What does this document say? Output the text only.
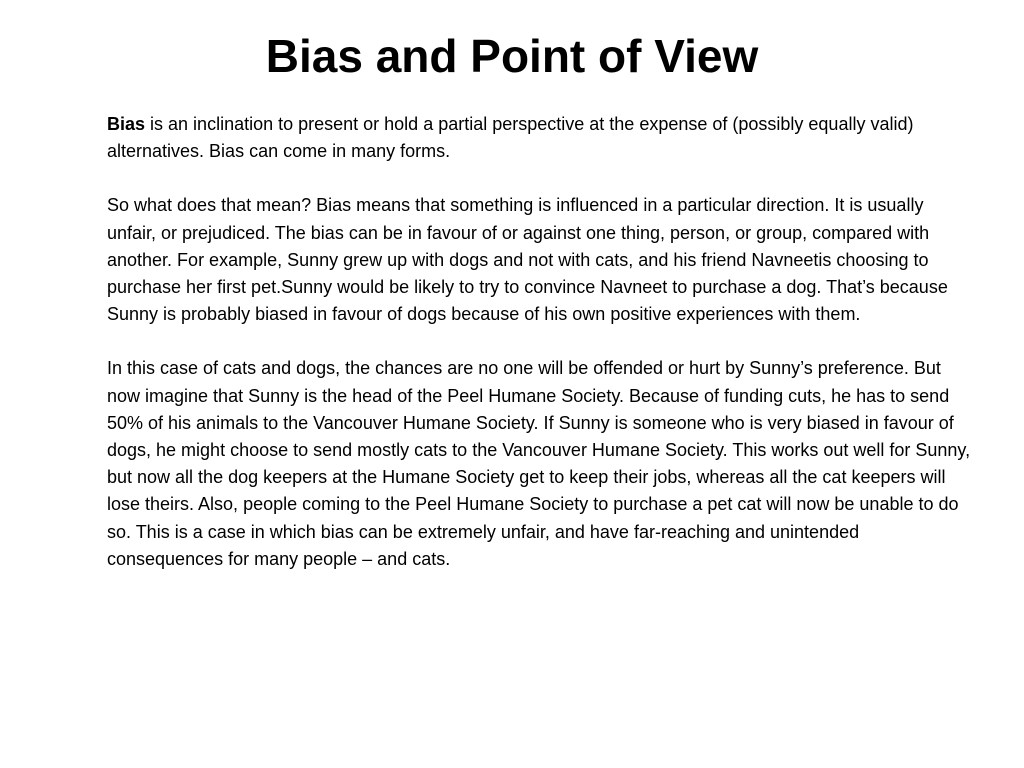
Bias and Point of View

Bias is an inclination to present or hold a partial perspective at the expense of (possibly equally valid) alternatives. Bias can come in many forms.

So what does that mean? Bias means that something is influenced in a particular direction. It is usually unfair, or prejudiced. The bias can be in favour of or against one thing, person, or group, compared with another. For example, Sunny grew up with dogs and not with cats, and his friend Navneetis choosing to purchase her first pet.Sunny would be likely to try to convince Navneet to purchase a dog. That’s because Sunny is probably biased in favour of dogs because of his own positive experiences with them.

In this case of cats and dogs, the chances are no one will be offended or hurt by Sunny’s preference. But now imagine that Sunny is the head of the Peel Humane Society. Because of funding cuts, he has to send 50% of his animals to the Vancouver Humane Society. If Sunny is someone who is very biased in favour of dogs, he might choose to send mostly cats to the Vancouver Humane Society. This works out well for Sunny, but now all the dog keepers at the Humane Society get to keep their jobs, whereas all the cat keepers will lose theirs. Also, people coming to the Peel Humane Society to purchase a pet cat will now be unable to do so. This is a case in which bias can be extremely unfair, and have far-reaching and unintended consequences for many people – and cats.
